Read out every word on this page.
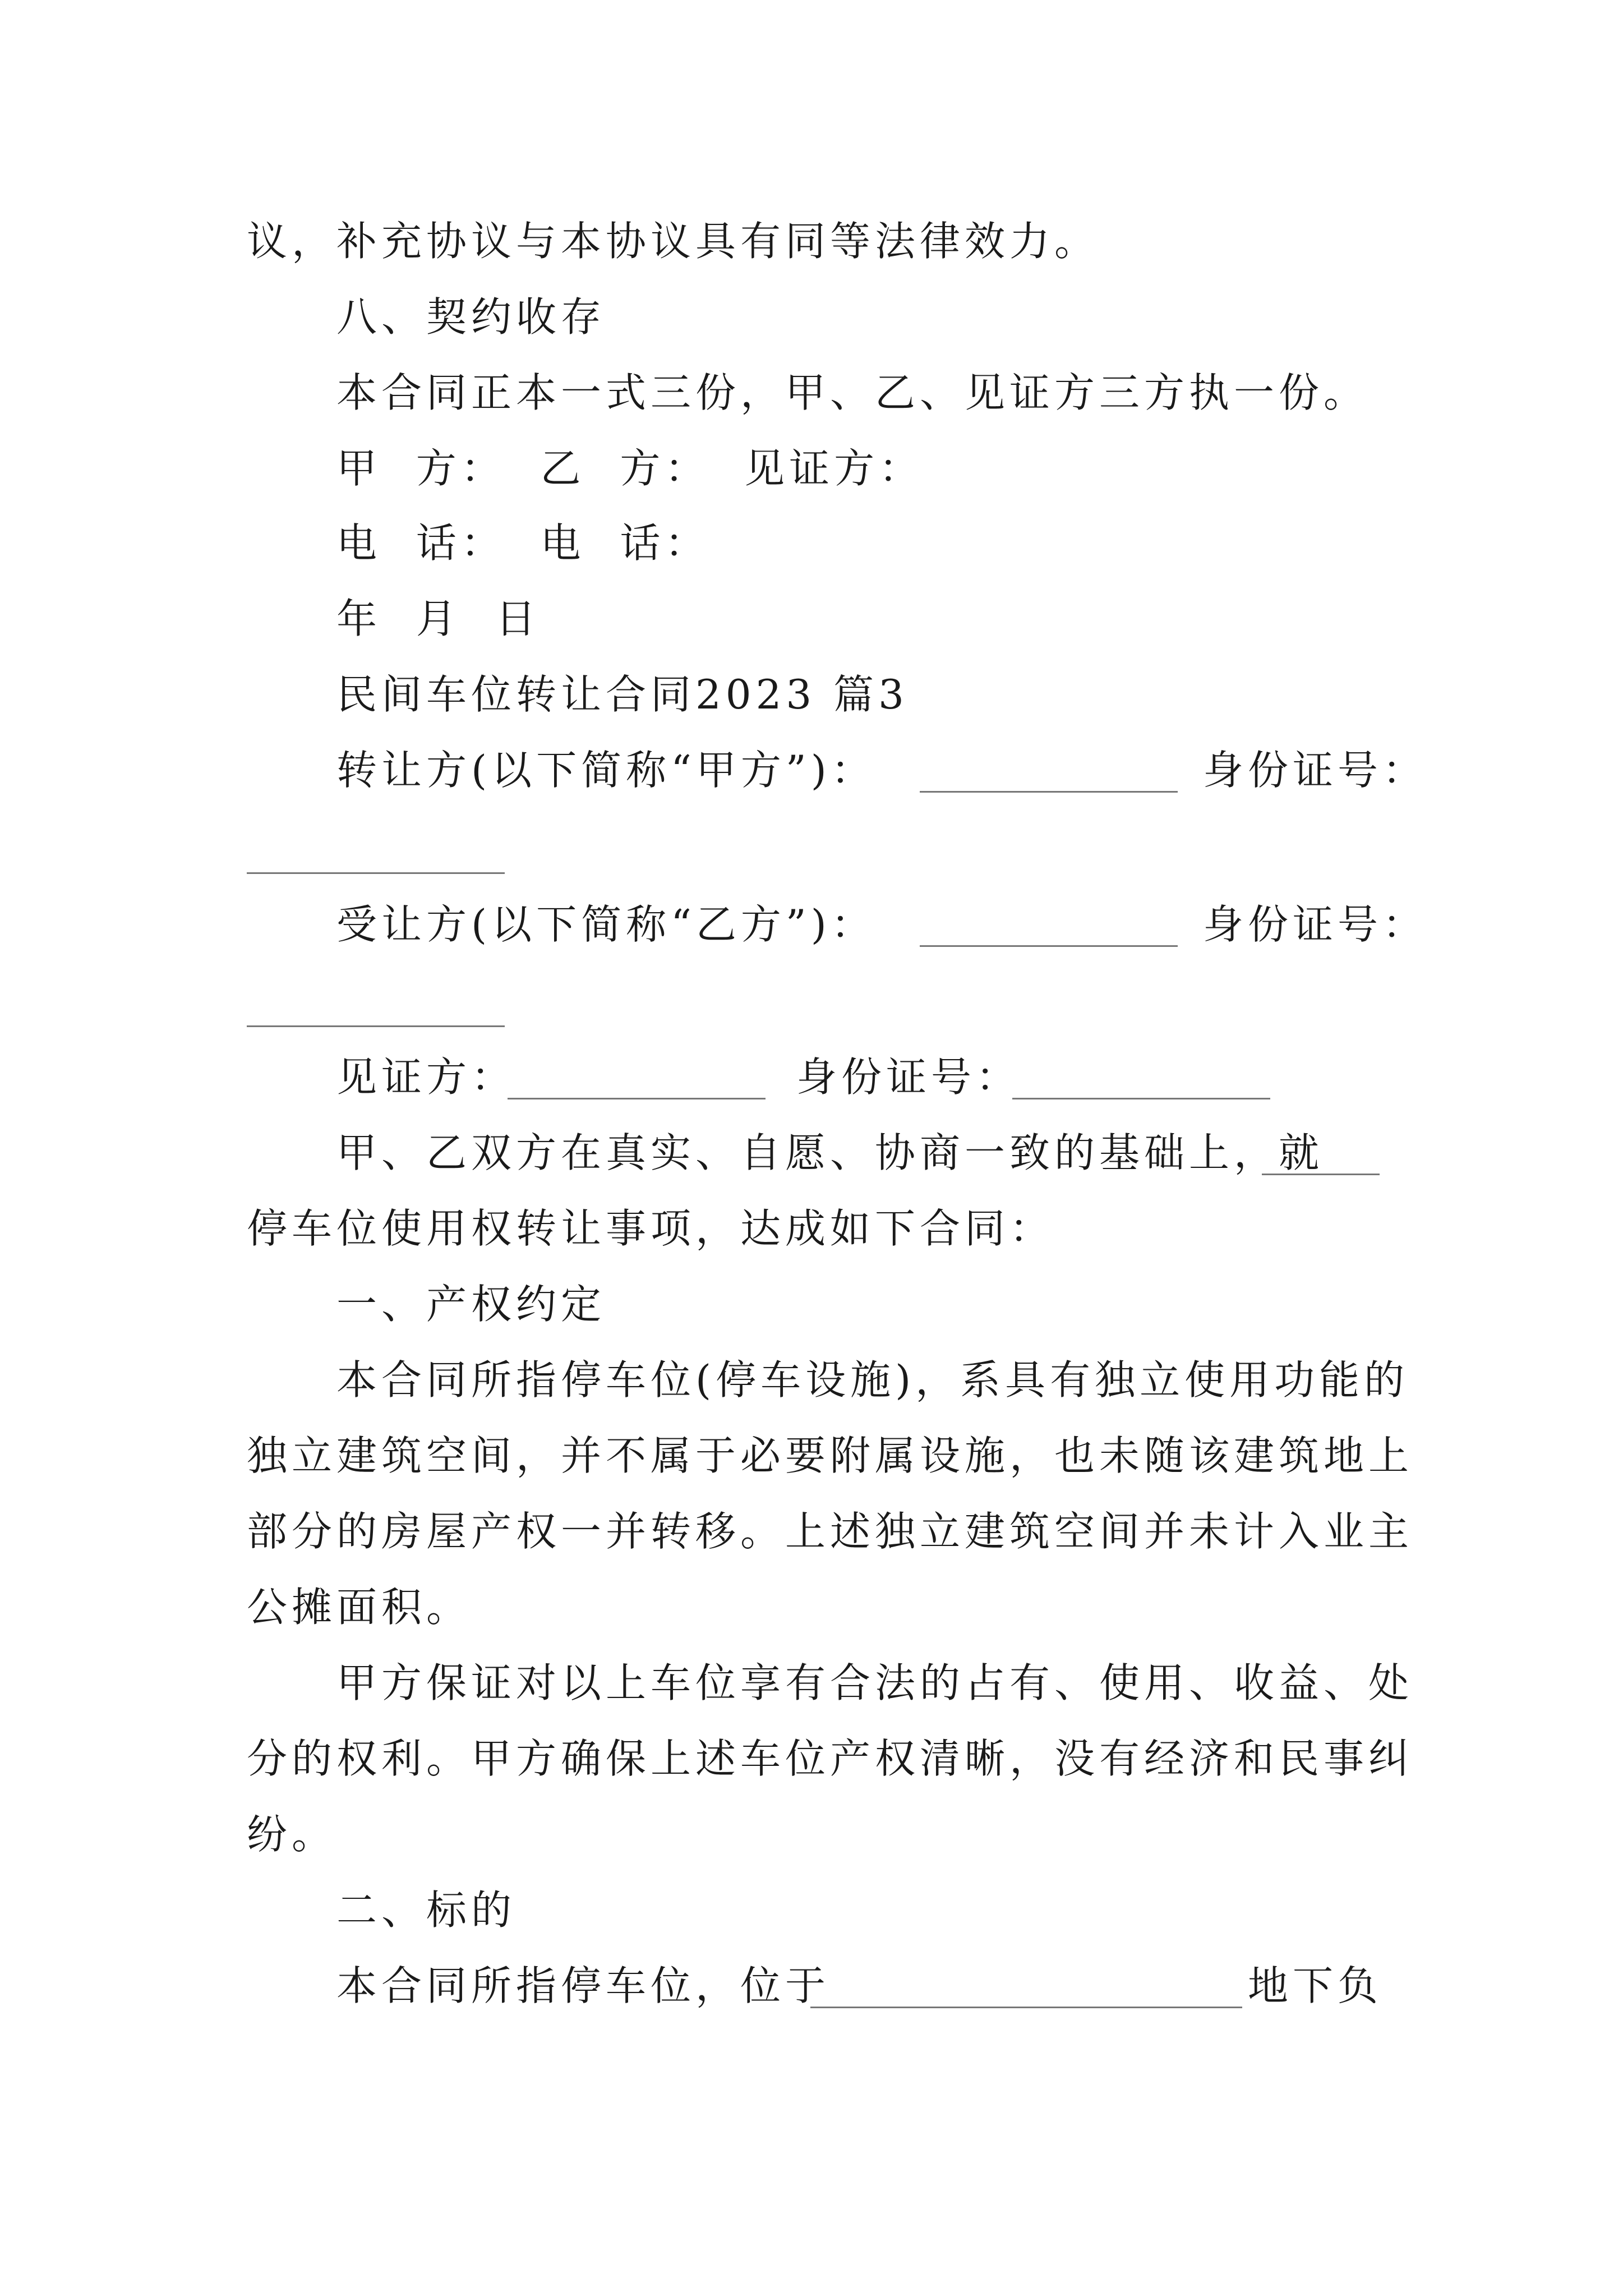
议，补充协议与本协议具有同等法律效力。
八、契约收存
本合同正本一式三份，甲、乙、见证方三方执一份。
甲  方：  乙  方：  见证方：
电  话：  电  话：
年  月  日
民间车位转让合同2023 篇3
转让方(以下简称“甲方”)：	身份证号：
受让方(以下简称“乙方”)：	身份证号：
见证方：	身份证号：
甲、乙双方在真实、自愿、协商一致的基础上，就
停车位使用权转让事项，达成如下合同：
一、产权约定
本合同所指停车位(停车设施)，系具有独立使用功能的
独立建筑空间，并不属于必要附属设施，也未随该建筑地上
部分的房屋产权一并转移。上述独立建筑空间并未计入业主
公摊面积。
甲方保证对以上车位享有合法的占有、使用、收益、处
分的权利。甲方确保上述车位产权清晰，没有经济和民事纠
纷。
二、标的
本合同所指停车位，位于	地下负
